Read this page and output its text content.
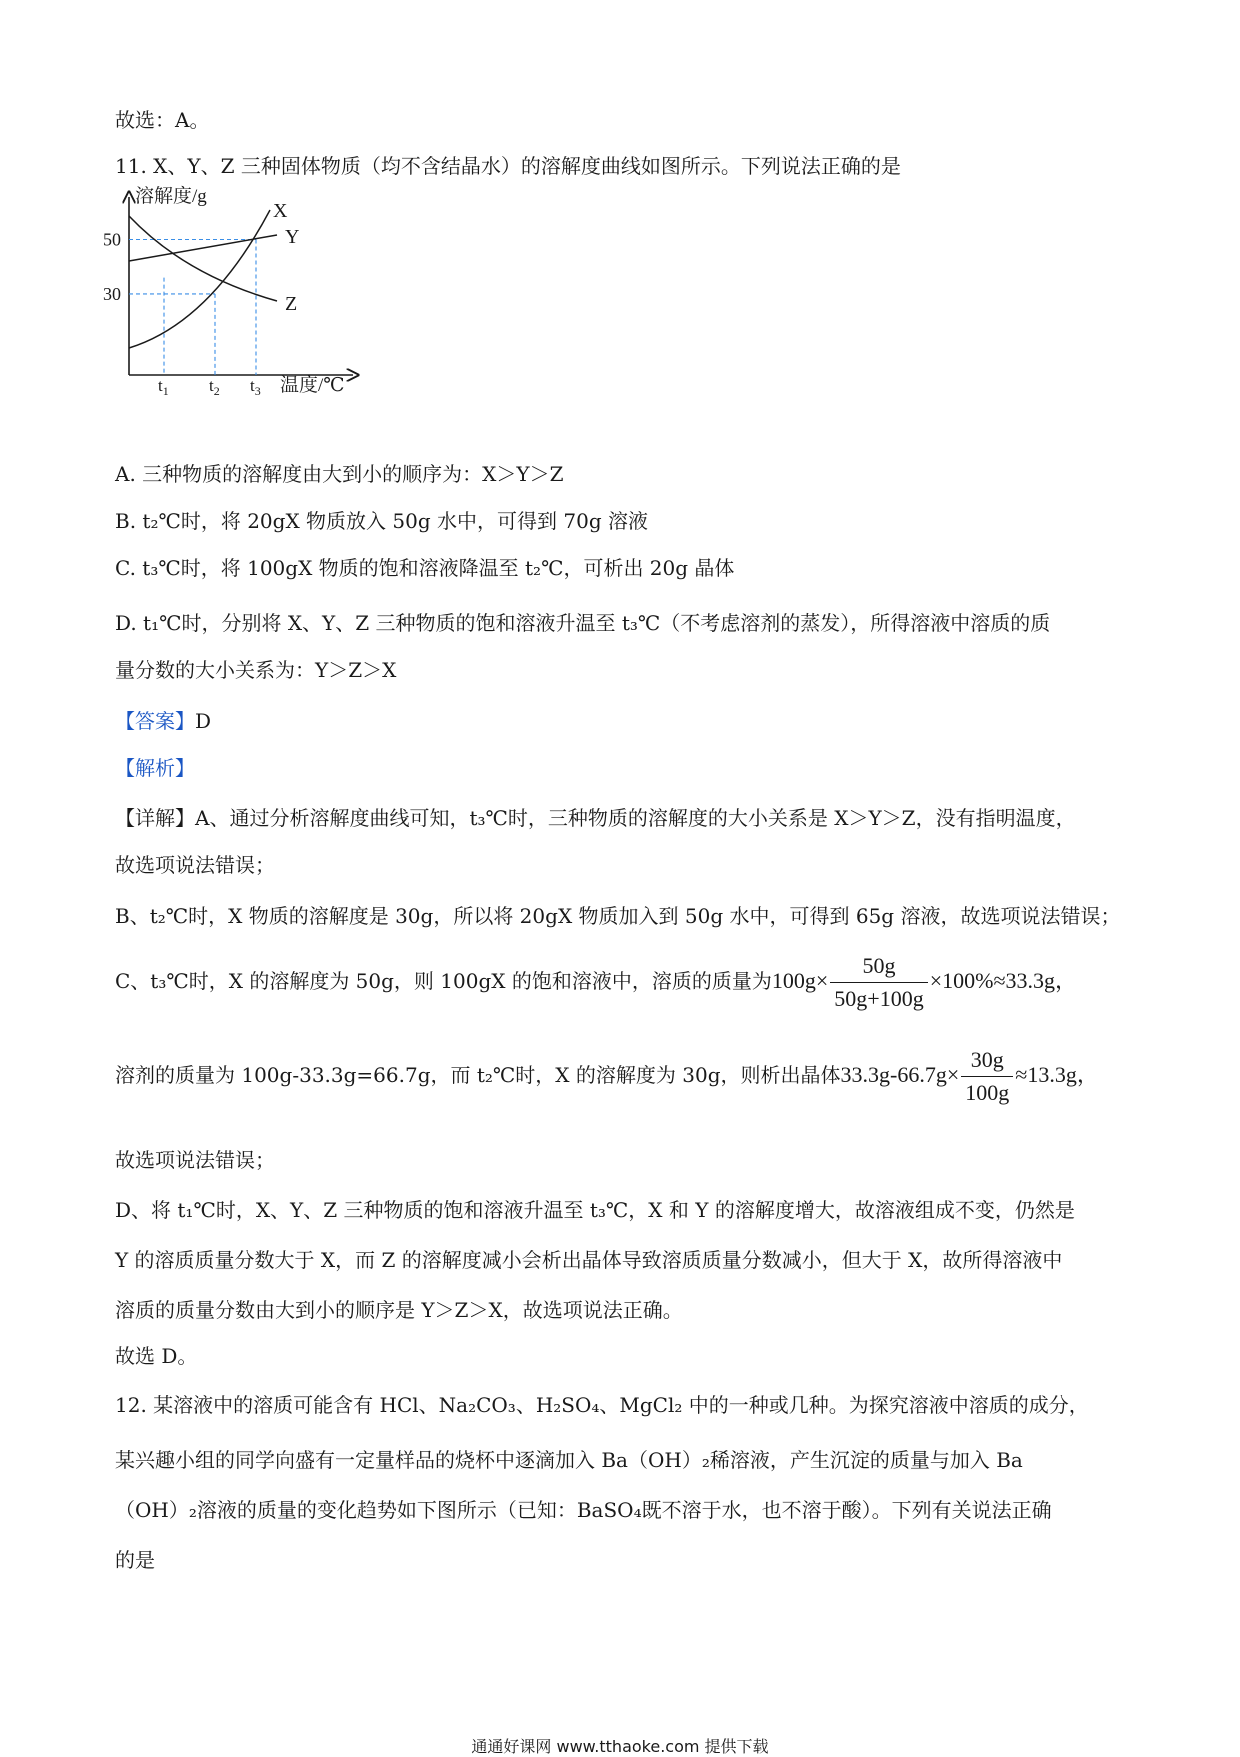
故选：A。
11. X、Y、Z 三种固体物质（均不含结晶水）的溶解度曲线如图所示。下列说法正确的是
溶解度/g
温度/℃
50
30
$t_1$ $t_2$ $t_3$
X
Y
Z
A. 三种物质的溶解度由大到小的顺序为：X＞Y＞Z
B. t₂℃时，将 20gX 物质放入 50g 水中，可得到 70g 溶液
C. t₃℃时，将 100gX 物质的饱和溶液降温至 t₂℃，可析出 20g 晶体
D. t₁℃时，分别将 X、Y、Z 三种物质的饱和溶液升温至 t₃℃（不考虑溶剂的蒸发），所得溶液中溶质的质
量分数的大小关系为：Y＞Z＞X
【答案】D
【解析】
【详解】A、通过分析溶解度曲线可知，t₃℃时，三种物质的溶解度的大小关系是 X＞Y＞Z，没有指明温度，
故选项说法错误；
B、t₂℃时，X 物质的溶解度是 30g，所以将 20gX 物质加入到 50g 水中，可得到 65g 溶液，故选项说法错误；
C、t₃℃时，X 的溶解度为 50g，则 100gX 的饱和溶液中，溶质的质量为$100g\times \frac{50g}{50g+100g} \times 100\%\approx 33.3g$，
溶剂的质量为 100g-33.3g=66.7g，而 t₂℃时，X 的溶解度为 30g，则析出晶体$33.3g-66.7g\times \frac{30g}{100g} \approx 13.3g$，
故选项说法错误；
D、将 t₁℃时，X、Y、Z 三种物质的饱和溶液升温至 t₃℃，X 和 Y 的溶解度增大，故溶液组成不变，仍然是
Y 的溶质质量分数大于 X，而 Z 的溶解度减小会析出晶体导致溶质质量分数减小，但大于 X，故所得溶液中
溶质的质量分数由大到小的顺序是 Y＞Z＞X，故选项说法正确。
故选 D。
12. 某溶液中的溶质可能含有 HCl、Na₂CO₃、H₂SO₄、MgCl₂ 中的一种或几种。为探究溶液中溶质的成分，
某兴趣小组的同学向盛有一定量样品的烧杯中逐滴加入 Ba（OH）₂稀溶液，产生沉淀的质量与加入 Ba
（OH）₂溶液的质量的变化趋势如下图所示（已知：BaSO₄既不溶于水，也不溶于酸）。下列有关说法正确
的是
通通好课网 www.tthaoke.com 提供下载
